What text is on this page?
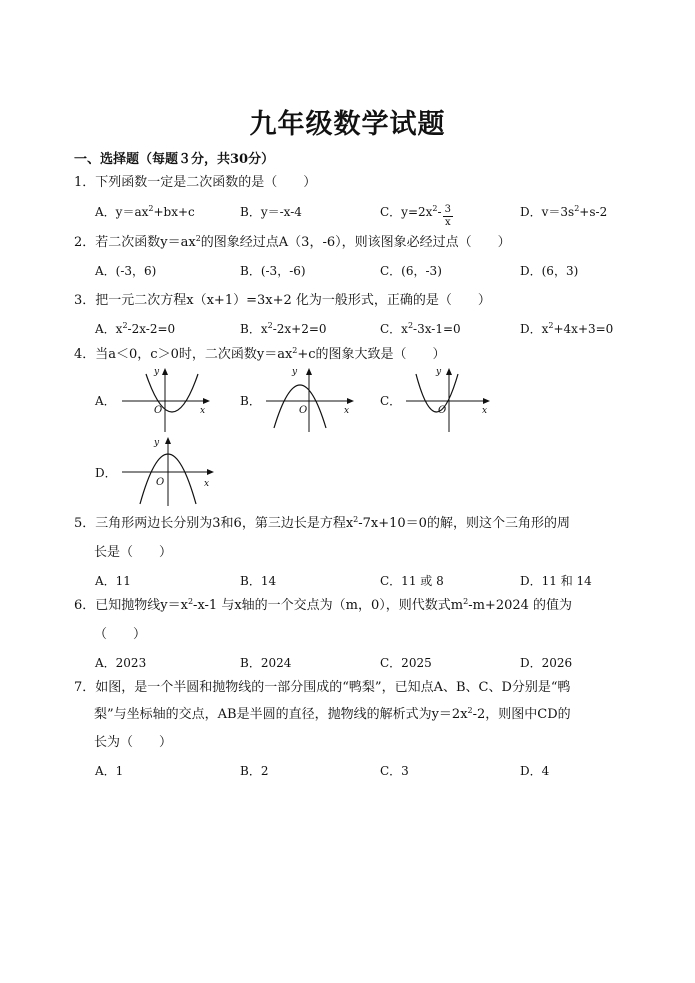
九年级数学试题
一、选择题（每题３分，共30分）
1．下列函数一定是二次函数的是（　　）
A．$y=ax^2+bx+c$	B．y＝-x-4	C．$y=2x^2- \frac{3}{x}$	D．$v=3s^2+s-2$
2．若二次函数$y=ax^2$的图象经过点A（3，-6），则该图象必经过点（　　）
A．(-3，6)	B．(-3，-6)	C．(6，-3)	D．(6，3)
3．把一元二次方程x（x+1）=3x+2 化为一般形式，正确的是（　　）
A．$x^2-2x-2=0$	B．$x^2-2x+2=0$	C．$x^2-3x-1=0$	D．$x^2+4x+3=0$
4．当a＜0，c＞0时，二次函数$y=ax^2+c$的图象大致是（　　）
A．
y
x
O
B．
y
x
O
C．
y
x
O
D．
y
x
O
5．三角形两边长分别为3和6，第三边长是方程$x^2-7x+10=0$的解，则这个三角形的周
长是（　　）
A．11	B．14	C．11 或 8	D．11 和 14
6．已知抛物线$y=x^2-x-1$ 与x轴的一个交点为（m，0），则代数式$m^2-m+2024$ 的值为
（　　）
A．2023	B．2024	C．2025	D．2026
7．如图，是一个半圆和抛物线的一部分围成的“鸭梨”，已知点A、B、C、D分别是“鸭
梨”与坐标轴的交点，AB是半圆的直径，抛物线的解析式为$y=2x^2-2$，则图中CD的
长为（　　）
A．1	B．2	C．3	D．4
